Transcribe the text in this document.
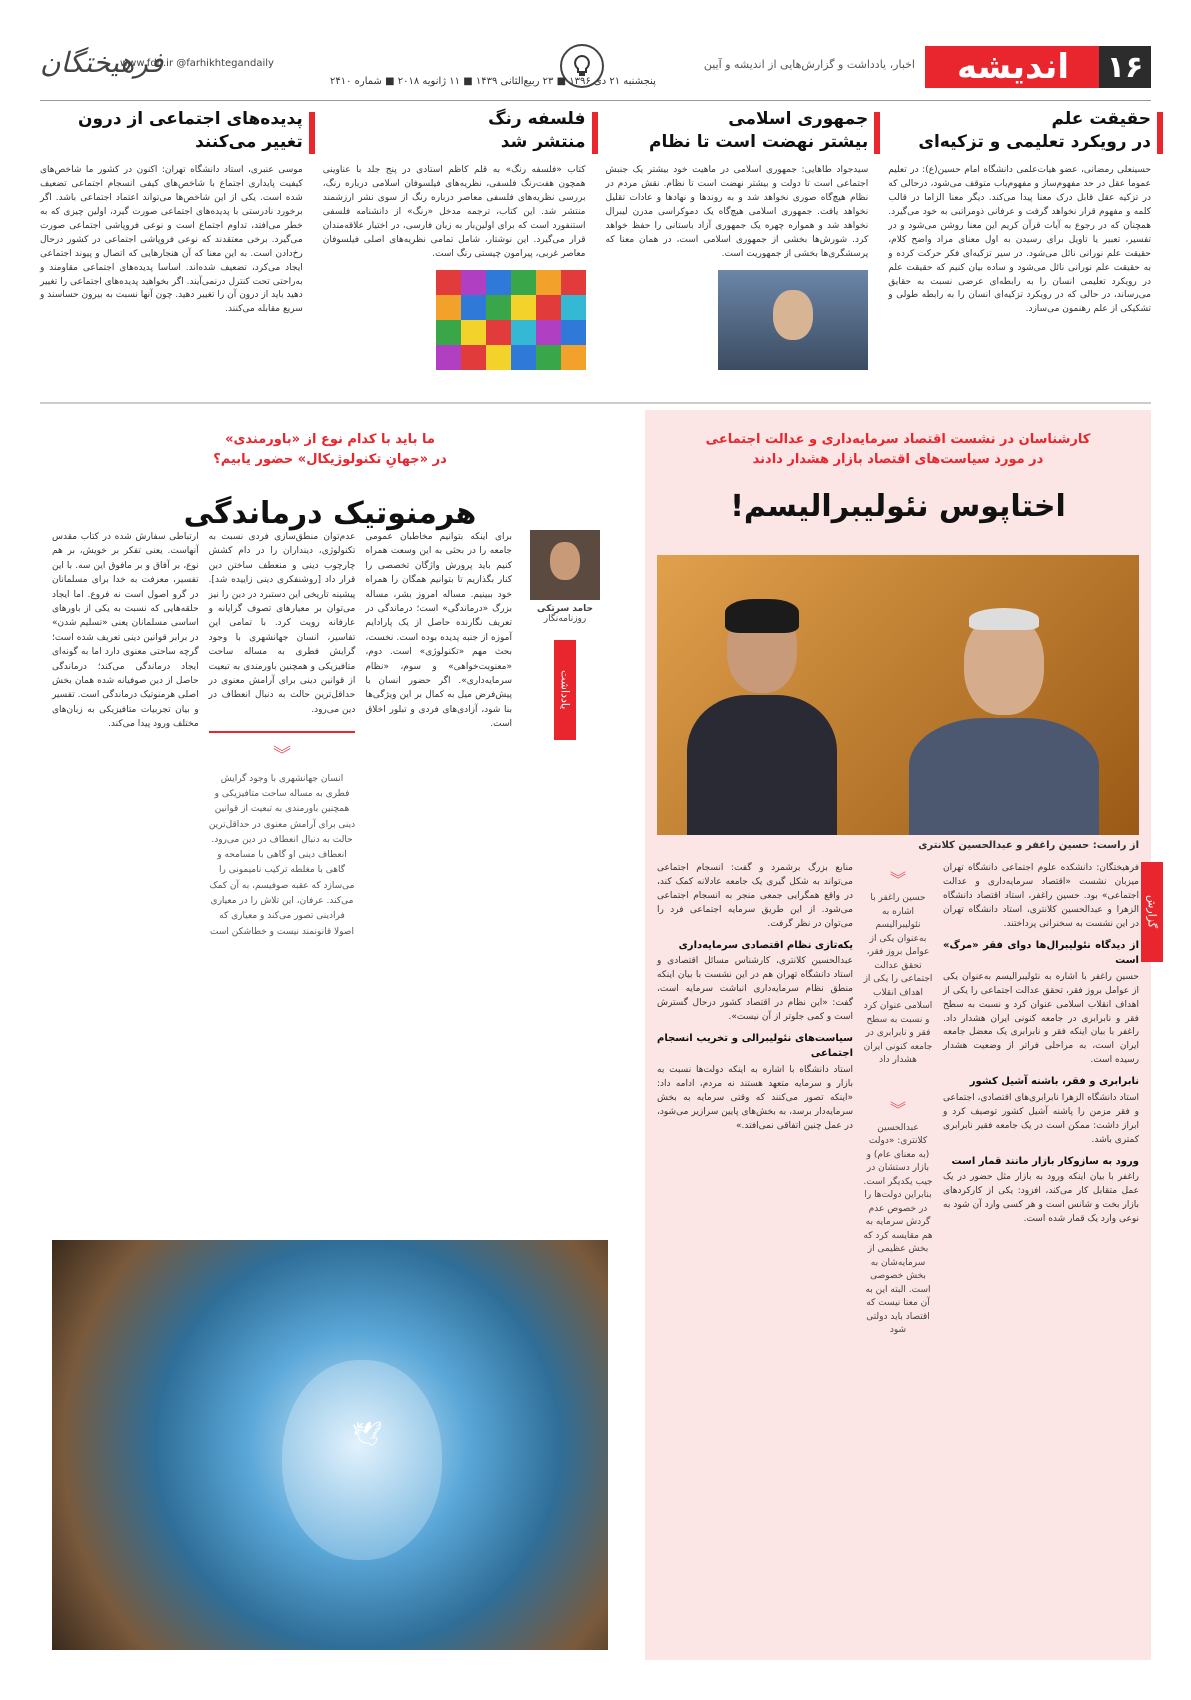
اندیشه ۱۶
اخبار، یادداشت و گزارش‌هایی از اندیشه و آیین
پنجشنبه ۲۱ دی ۱۳۹۶ ■ ۲۳ ربیع‌الثانی ۱۴۳۹ ■ ۱۱ ژانویه ۲۰۱۸ ■ شماره ۲۴۱۰
www.fdn.ir @farhikhtegandaily
فرهیختگان
حقیقت علم
در رویکرد تعلیمی و تزکیه‌ای

حسینعلی رمضانی، عضو هیات‌علمی دانشگاه امام حسین(ع): در تعلیم عموما عقل در حد مفهوم‌ساز و مفهوم‌یاب متوقف می‌شود، درحالی که در تزکیه عقل قابل درک معنا پیدا می‌کند. دیگر معنا الزاما در قالب کلمه و مفهوم قرار نخواهد گرفت و عرفانی ذومراتبی به خود می‌گیرد. همچنان که در رجوع به آیات قرآن کریم این معنا روشن می‌شود و در تفسیر، تعبیر یا تاویل برای رسیدن به اول معنای مراد واضح کلام، حقیقت علم نورانی نائل می‌شود. در سیر تزکیه‌ای فکر حرکت کرده و به حقیقت علم نورانی نائل می‌شود و ساده بیان کنیم که حقیقت علم در رویکرد تعلیمی انسان را به رابطه‌ای عرضی نسبت به حقایق می‌رساند، در حالی که در رویکرد تزکیه‌ای انسان را به رابطه طولی و تشکیکی از علم رهنمون می‌سازد.

جمهوری اسلامی
بیشتر نهضت است تا نظام

سیدجواد طاهایی: جمهوری اسلامی در ماهیت خود بیشتر یک جنبش اجتماعی است تا دولت و بیشتر نهضت است تا نظام. نقش مردم در نظام هیچ‌گاه صوری نخواهد شد و به روندها و نهادها و عادات تقلیل نخواهد یافت. جمهوری اسلامی هیچ‌گاه یک دموکراسی مدرن لیبرال نخواهد شد و همواره چهره یک جمهوری آزاد باستانی را حفظ خواهد کرد. شورش‌ها بخشی از جمهوری اسلامی است، در همان معنا که پرسشگری‌ها بخشی از جمهوریت است.

فلسفه رنگ
منتشر شد

کتاب «فلسفه رنگ» به قلم کاظم استادی در پنج جلد با عناوینی همچون هفت‌رنگ فلسفی، نظریه‌های فیلسوفان اسلامی درباره رنگ، بررسی نظریه‌های فلسفی معاصر درباره رنگ از سوی نشر ارزشمند منتشر شد. این کتاب، ترجمه مدخل «رنگ» از دانشنامه فلسفی استنفورد است که برای اولین‌بار به زبان فارسی، در اختیار علاقه‌مندان قرار می‌گیرد. این نوشتار، شامل تمامی نظریه‌های اصلی فیلسوفان معاصر غربی، پیرامون چیستی رنگ است.

پدیده‌های اجتماعی از درون
تغییر می‌کنند

موسی عنبری، استاد دانشگاه تهران: اکنون در کشور ما شاخص‌های کیفیت پایداری اجتماع با شاخص‌های کیفی انسجام اجتماعی تضعیف شده است. یکی از این شاخص‌ها می‌تواند اعتماد اجتماعی باشد. اگر برخورد نادرستی با پدیده‌های اجتماعی صورت گیرد، اولین چیزی که به خطر می‌افتد، تداوم اجتماع است و نوعی فروپاشی اجتماعی صورت می‌گیرد. برخی معتقدند که نوعی فروپاشی اجتماعی در کشور درحال رخ‌دادن است. به این معنا که آن هنجارهایی که اتصال و پیوند اجتماعی ایجاد می‌کرد، تضعیف شده‌اند. اساسا پدیده‌های اجتماعی مقاومند و به‌راحتی تحت کنترل درنمی‌آیند. اگر بخواهید پدیده‌های اجتماعی را تغییر دهید باید از درون آن را تغییر دهید. چون آنها نسبت به بیرون حساسند و سریع مقابله می‌کنند.

کارشناسان در نشست اقتصاد سرمایه‌داری و عدالت اجتماعی
در مورد سیاست‌های اقتصاد بازار هشدار دادند
اختاپوس نئولیبرالیسم!
از راست: حسین راغفر و عبدالحسین کلانتری
گزارش

فرهیختگان: دانشکده علوم اجتماعی دانشگاه تهران میزبان نشست «اقتصاد سرمایه‌داری و عدالت اجتماعی» بود. حسین راغفر، استاد اقتصاد دانشگاه الزهرا و عبدالحسین کلانتری، استاد دانشگاه تهران در این نشست به سخنرانی پرداختند.

از دیدگاه نئولیبرال‌ها دوای فقر «مرگ» است

حسین راغفر با اشاره به نئولیبرالیسم به‌عنوان یکی از عوامل بروز فقر، تحقق عدالت اجتماعی را یکی از اهداف انقلاب اسلامی عنوان کرد و نسبت به سطح فقر و نابرابری در جامعه کنونی ایران هشدار داد. راغفر با بیان اینکه فقر و نابرابری یک معضل جامعه ایران است، به مراحلی فراتر از وضعیت هشدار رسیده است.

نابرابری و فقر، باشنه آشیل کشور

استاد دانشگاه الزهرا نابرابری‌های اقتصادی، اجتماعی و فقر مزمن را پاشنه آشیل کشور توصیف کرد و ابراز داشت: ممکن است در یک جامعه فقیر نابرابری کمتری باشد.

ورود به سازوکار بازار مانند قمار است

راغفر با بیان اینکه ورود به بازار مثل حضور در یک عمل متقابل کار می‌کند، افزود: یکی از کارکردهای بازار بخت و شانس است و هر کسی وارد آن شود به نوعی وارد یک قمار شده است.

︾

حسین راغفر با اشاره به نئولیبرالیسم به‌عنوان یکی از عوامل بروز فقر، تحقق عدالت اجتماعی را یکی از اهداف انقلاب اسلامی عنوان کرد و نسبت به سطح فقر و نابرابری در جامعه کنونی ایران هشدار داد

︾

عبدالحسین کلانتری: «دولت (به معنای عام) و بازار دستشان در جیب یکدیگر است. بنابراین دولت‌ها را در خصوص عدم گردش سرمایه به هم مقایسه کرد که بخش عظیمی از سرمایه‌شان به بخش خصوصی است. البته این به آن معنا نیست که اقتصاد باید دولتی شود

منابع بزرگ برشمرد و گفت: انسجام اجتماعی می‌تواند به شکل گیری یک جامعه عادلانه کمک کند، در واقع همگرایی جمعی منجر به انسجام اجتماعی می‌شود. از این طریق سرمایه اجتماعی فرد را می‌توان در نظر گرفت.

یکه‌تازی نظام اقتصادی سرمایه‌داری

عبدالحسین کلانتری، کارشناس مسائل اقتصادی و استاد دانشگاه تهران هم در این نشست با بیان اینکه منطق نظام سرمایه‌داری انباشت سرمایه است، گفت: «این نظام در اقتصاد کشور درحال گسترش است و کمی جلوتر از آن نیست».

سیاست‌های نئولیبرالی و تخریب انسجام اجتماعی

استاد دانشگاه با اشاره به اینکه دولت‌ها نسبت به بازار و سرمایه متعهد هستند نه مردم، ادامه داد: «اینکه تصور می‌کنند که وقتی سرمایه به بخش سرمایه‌دار برسد، به بخش‌های پایین سرازیر می‌شود، در عمل چنین اتفاقی نمی‌افتد.»

ما باید با کدام نوع از «باورمندی»
در «جهانِ تکنولوژیکال» حضور یابیم؟
هرمنوتیک درماندگی
حامد سرتکی
روزنامه‌نگار
یادداشت

برای اینکه بتوانیم مخاطبان عمومی جامعه را در بحثی به این وسعت همراه کنیم باید پرورش واژگان تخصصی را کنار بگذاریم تا بتوانیم همگان را همراه خود ببینیم. مساله امروز بشر، مساله بزرگ «درماندگی» است؛ درماندگی در تعریف نگارنده حاصل از یک پارادایم آموزه از جنبه پدیده بوده است. نخست، بحث مهم «تکنولوژی» است. دوم، «معنویت‌خواهی» و سوم، «نظام سرمایه‌داری». اگر حضور انسان با پیش‌فرض میل به کمال بر این ویژگی‌ها بنا شود، آزادی‌های فردی و تبلور اخلاق است.

عدم‌توان منطق‌سازی فردی نسبت به تکنولوژی، دینداران را در دام کشش چارچوب دینی و منعطف ساختن دین قرار داد [روشنفکری دینی زاییده شد]. پیشینه تاریخی این دستبرد در دین را نیز می‌توان بر معیارهای تصوف گرایانه و عارفانه رویت کرد. با تمامی این تفاسیر، انسان جهانشهری با وجود گرایش فطری به مساله ساحت متافیزیکی و همچنین باورمندی به تبعیت از قوانین دینی برای آرامش معنوی در حداقل‌ترین حالت به دنبال انعطاف در دین می‌رود.

︾

انسان جهانشهری با وجود گرایش فطری به مساله ساحت متافیزیکی و همچنین باورمندی به تبعیت از قوانین دینی برای آرامش معنوی در حداقل‌ترین حالت به دنبال انعطاف در دین می‌رود. انعطاف دینی او گاهی با مسامحه و گاهی با مغلطه ترکیب نامیمونی را می‌سازد که عقبه صوفیسم، به آن کمک می‌کند. عرفان، این تلاش را در معیاری فرادینی تصور می‌کند و معیاری که اصولا قانونمند نیست و خطاشکن است

ارتباطی سفارش شده در کتاب مقدس آنهاست. یعنی تفکر بر خویش، بر هم نوع، بر آفاق و بر مافوق این سه. با این تفسیر، معرفت به خدا برای مسلمانان در گرو اصول است نه فروع. اما ایجاد حلقه‌هایی که نسبت به یکی از باورهای اساسی مسلمانان یعنی «تسلیم شدن» در برابر قوانین دینی تعریف شده است؛ گرچه ساحتی معنوی دارد اما به گونه‌ای ایجاد درماندگی می‌کند؛ درماندگی حاصل از دین صوفیانه شده همان بخش اصلی هرمنوتیک درماندگی است. تفسیر و بیان تجربیات متافیزیکی به زبان‌های مختلف ورود پیدا می‌کند.

🕊
